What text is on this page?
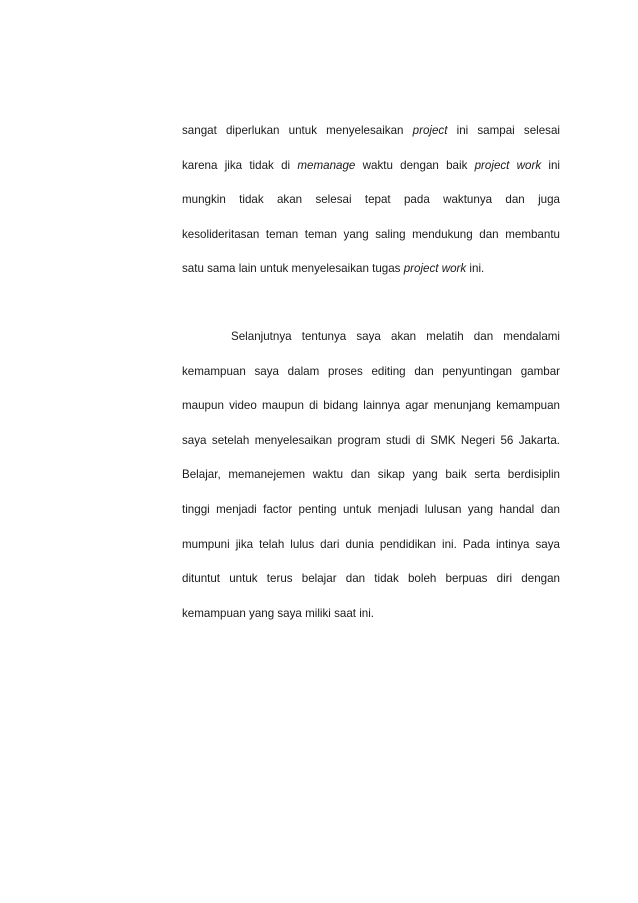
sangat diperlukan untuk menyelesaikan project ini sampai selesai
karena jika tidak di memanage waktu dengan baik project work ini
mungkin tidak akan selesai tepat pada waktunya dan juga
kesolideritasan teman teman yang saling mendukung dan membantu
satu sama lain untuk menyelesaikan tugas project work ini.

Selanjutnya tentunya saya akan melatih dan mendalami
kemampuan saya dalam proses editing dan penyuntingan gambar
maupun video maupun di bidang lainnya agar menunjang kemampuan
saya setelah menyelesaikan program studi di SMK Negeri 56 Jakarta.
Belajar, memanejemen waktu dan sikap yang baik serta berdisiplin
tinggi menjadi factor penting untuk menjadi lulusan yang handal dan
mumpuni jika telah lulus dari dunia pendidikan ini. Pada intinya saya
dituntut untuk terus belajar dan tidak boleh berpuas diri dengan
kemampuan yang saya miliki saat ini.
